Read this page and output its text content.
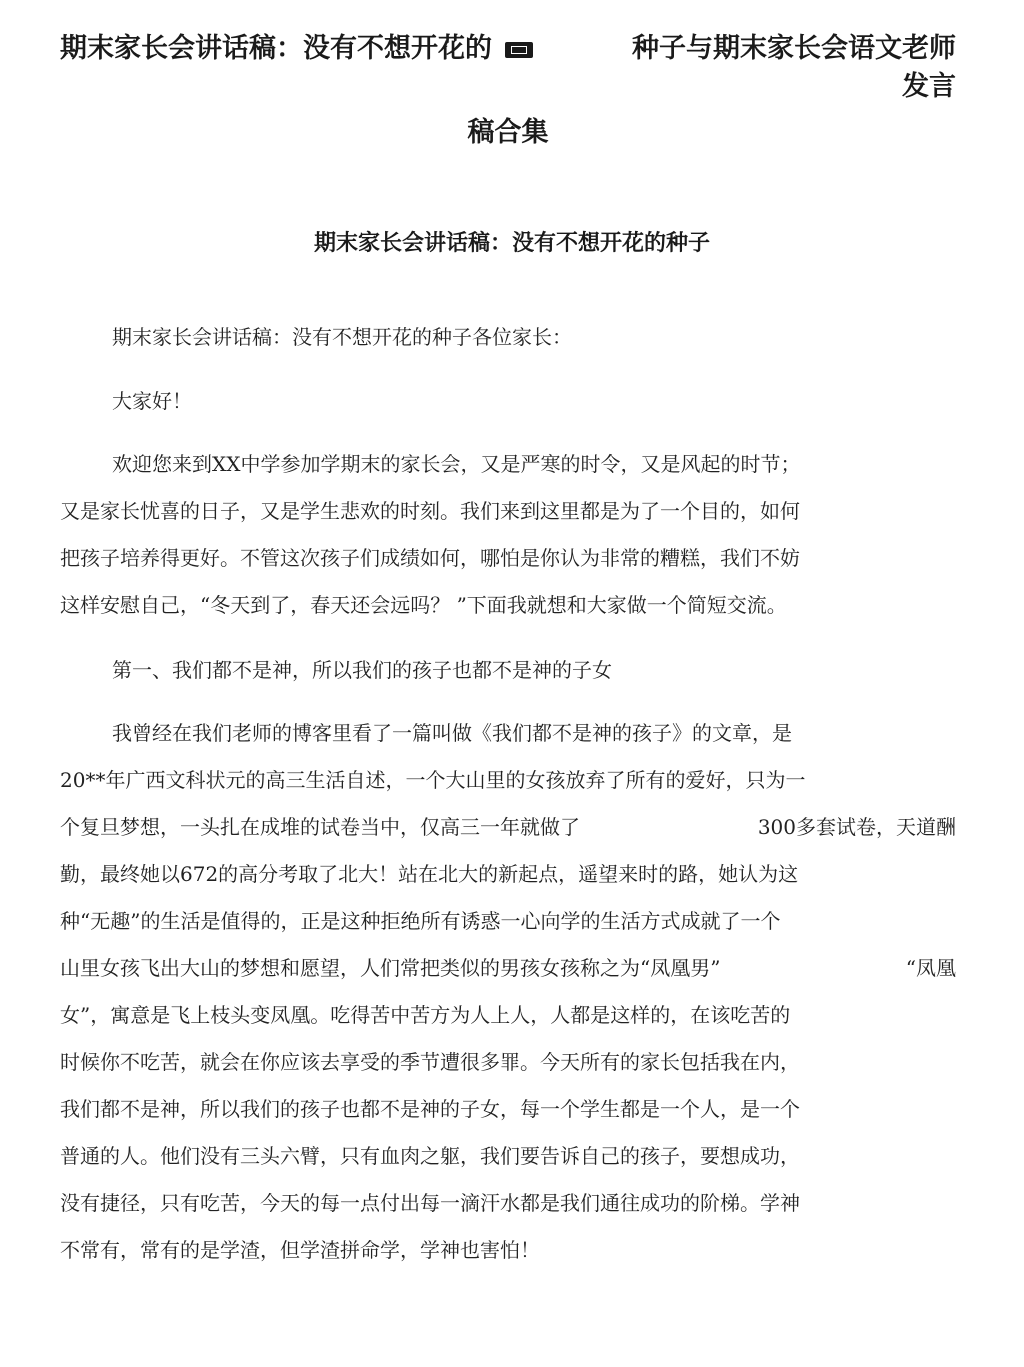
期末家长会讲话稿：没有不想开花的	种子与期末家长会语文老师
发言
稿合集
期末家长会讲话稿：没有不想开花的种子

期末家长会讲话稿：没有不想开花的种子各位家长：

大家好！

欢迎您来到XX中学参加学期末的家长会，又是严寒的时令，又是风起的时节；
又是家长忧喜的日子，又是学生悲欢的时刻。我们来到这里都是为了一个目的，如何
把孩子培养得更好。不管这次孩子们成绩如何，哪怕是你认为非常的糟糕，我们不妨
这样安慰自己，“冬天到了，春天还会远吗？ ”下面我就想和大家做一个简短交流。

第一、我们都不是神，所以我们的孩子也都不是神的子女

我曾经在我们老师的博客里看了一篇叫做《我们都不是神的孩子》的文章，是
20**年广西文科状元的高三生活自述，一个大山里的女孩放弃了所有的爱好，只为一
个复旦梦想，一头扎在成堆的试卷当中，仅高三一年就做了	300多套试卷，天道酬
勤，最终她以672的高分考取了北大！站在北大的新起点，遥望来时的路，她认为这
种“无趣”的生活是值得的，正是这种拒绝所有诱惑一心向学的生活方式成就了一个
山里女孩飞出大山的梦想和愿望，人们常把类似的男孩女孩称之为“凤凰男”	“凤凰
女”，寓意是飞上枝头变凤凰。吃得苦中苦方为人上人，人都是这样的，在该吃苦的
时候你不吃苦，就会在你应该去享受的季节遭很多罪。今天所有的家长包括我在内，
我们都不是神，所以我们的孩子也都不是神的子女，每一个学生都是一个人，是一个
普通的人。他们没有三头六臂，只有血肉之躯，我们要告诉自己的孩子，要想成功，
没有捷径，只有吃苦，今天的每一点付出每一滴汗水都是我们通往成功的阶梯。学神
不常有，常有的是学渣，但学渣拼命学，学神也害怕！
